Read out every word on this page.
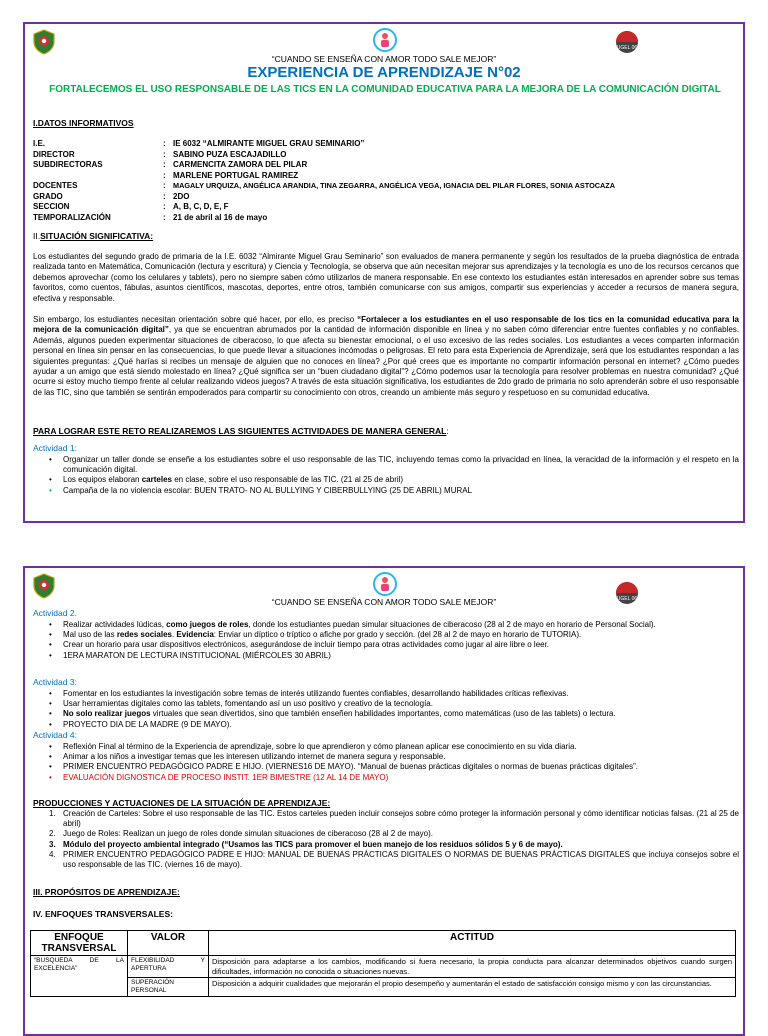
UGEL 06
“CUANDO SE ENSEÑA CON AMOR TODO SALE MEJOR”
EXPERIENCIA DE APRENDIZAJE N°02
FORTALECEMOS EL USO RESPONSABLE DE LAS TICS EN LA COMUNIDAD EDUCATIVA PARA LA MEJORA DE LA COMUNICACIÓN DIGITAL
I.DATOS INFORMATIVOS
I.E.	: IE 6032 “ALMIRANTE MIGUEL GRAU SEMINARIO”
DIRECTOR	: SABINO PUZA ESCAJADILLO
SUBDIRECTORAS	: CARMENCITA ZAMORA DEL PILAR
: MARLENE PORTUGAL RAMIREZ
DOCENTES	:	MAGALY URQUIZA, ANGÉLICA ARANDIA, TINA ZEGARRA, ANGÉLICA VEGA, IGNACIA DEL PILAR FLORES, SONIA ASTOCAZA
GRADO	: 2DO
SECCION	: A, B, C, D, E, F
TEMPORALIZACIÓN	: 21 de abril al 16 de mayo
II.SITUACIÓN SIGNIFICATIVA:
Los estudiantes del segundo grado de primaria de la I.E. 6032 “Almirante Miguel Grau Seminario” son evaluados de manera permanente y según los resultados de la prueba diagnóstica de entrada realizada tanto en Matemática, Comunicación (lectura y escritura) y Ciencia y Tecnología, se observa que aún necesitan mejorar sus aprendizajes y la tecnología es uno de los recursos cercanos que debemos aprovechar (como los celulares y tablets), pero no siempre saben cómo utilizarlos de manera responsable. En ese contexto los estudiantes están interesados en aprender sobre sus temas favoritos, como cuentos, fábulas, asuntos científicos, mascotas, deportes, entre otros, también comunicarse con sus amigos, compartir sus experiencias y acceder a recursos de manera segura, efectiva y responsable.
Sin embargo, los estudiantes necesitan orientación sobre qué hacer, por ello, es preciso “Fortalecer a los estudiantes en el uso responsable de los tics en la comunidad educativa para la mejora de la comunicación digital”, ya que se encuentran abrumados por la cantidad de información disponible en línea y no saben cómo diferenciar entre fuentes confiables y no confiables. Además, algunos pueden experimentar situaciones de ciberacoso, lo que afecta su bienestar emocional, o el uso excesivo de las redes sociales. Los estudiantes a veces comparten información personal en línea sin pensar en las consecuencias, lo que puede llevar a situaciones incómodas o peligrosas. El reto para esta Experiencia de Aprendizaje, será que los estudiantes respondan a las siguientes preguntas: ¿Qué harías si recibes un mensaje de alguien que no conoces en línea? ¿Por qué crees que es importante no compartir información personal en internet? ¿Cómo puedes ayudar a un amigo que está siendo molestado en línea? ¿Qué significa ser un “buen ciudadano digital”? ¿Cómo podemos usar la tecnología para resolver problemas en nuestra comunidad? ¿Qué ocurre si estoy mucho tiempo frente al celular realizando videos juegos? A través de esta situación significativa, los estudiantes de 2do grado de primaria no solo aprenderán sobre el uso responsable de las TIC, sino que también se sentirán empoderados para compartir su conocimiento con otros, creando un ambiente más seguro y respetuoso en su comunidad educativa.
PARA LOGRAR ESTE RETO REALIZAREMOS LAS SIGUIENTES ACTIVIDADES DE MANERA GENERAL:
Actividad 1:
• Organizar un taller donde se enseñe a los estudiantes sobre el uso responsable de las TIC, incluyendo temas como la privacidad en línea, la veracidad de la información y el respeto en la comunicación digital.
• Los equipos elaboran carteles en clase, sobre el uso responsable de las TIC. (21 al 25 de abril)
• Campaña de la no violencia escolar: BUEN TRATO- NO AL BULLYING Y CIBERBULLYING (25 DE ABRIL) MURAL
UGEL 06
“CUANDO SE ENSEÑA CON AMOR TODO SALE MEJOR”
Actividad 2.
• Realizar actividades lúdicas, como juegos de roles, donde los estudiantes puedan simular situaciones de ciberacoso (28 al 2 de mayo en horario de Personal Social).
• Mal uso de las redes sociales. Evidencia: Enviar un díptico o tríptico o afiche por grado y sección. (del 28 al 2 de mayo en horario de TUTORIA).
• Crear un horario para usar dispositivos electrónicos, asegurándose de incluir tiempo para otras actividades como jugar al aire libre o leer.
• 1ERA MARATON DE LECTURA INSTITUCIONAL (MIÉRCOLES 30 ABRIL)
Actividad 3:
• Fomentar en los estudiantes la investigación sobre temas de interés utilizando fuentes confiables, desarrollando habilidades críticas reflexivas.
• Usar herramientas digitales como las tablets, fomentando así un uso positivo y creativo de la tecnología.
• No solo realizar juegos virtuales que sean divertidos, sino que también enseñen habilidades importantes, como matemáticas (uso de las tablets) o lectura.
• PROYECTO DIA DE LA MADRE (9 DE MAYO).
Actividad 4:
• Reflexión Final al término de la Experiencia de aprendizaje, sobre lo que aprendieron y cómo planean aplicar ese conocimiento en su vida diaria.
• Animar a los niños a investigar temas que les interesen utilizando internet de manera segura y responsable.
• PRIMER ENCUENTRO PEDAGÓGICO PADRE E HIJO. (VIERNES16 DE MAYO). “Manual de buenas prácticas digitales o normas de buenas prácticas digitales”.
• EVALUACIÓN DIGNOSTICA DE PROCESO INSTIT. 1ER BIMESTRE (12 AL 14 DE MAYO)
PRODUCCIONES Y ACTUACIONES DE LA SITUACIÓN DE APRENDIZAJE:
1. Creación de Carteles: Sobre el uso responsable de las TIC. Estos carteles pueden incluir consejos sobre cómo proteger la información personal y cómo identificar noticias falsas. (21 al 25 de abril)
2. Juego de Roles: Realizan un juego de roles donde simulan situaciones de ciberacoso (28 al 2 de mayo).
3. Módulo del proyecto ambiental integrado (“Usamos las TICS para promover el buen manejo de los residuos sólidos 5 y 6 de mayo).
4. PRIMER ENCUENTRO PEDAGÓGICO PADRE E HIJO: MANUAL DE BUENAS PRÁCTICAS DIGITALES O NORMAS DE BUENAS PRÁCTICAS DIGITALES que incluya consejos sobre el uso responsable de las TIC. (viernes 16 de mayo).
III. PROPÓSITOS DE APRENDIZAJE:
IV. ENFOQUES TRANSVERSALES:
ENFOQUE TRANSVERSAL	VALOR	ACTITUD
“BUSQUEDA DE LA EXCELENCIA”	FLEXIBILIDAD Y APERTURA	Disposición para adaptarse a los cambios, modificando si fuera necesario, la propia conducta para alcanzar determinados objetivos cuando surgen dificultades, información no conocida o situaciones nuevas.
	SUPERACIÓN PERSONAL	Disposición a adquirir cualidades que mejorarán el propio desempeño y aumentarán el estado de satisfacción consigo mismo y con las circunstancias.
